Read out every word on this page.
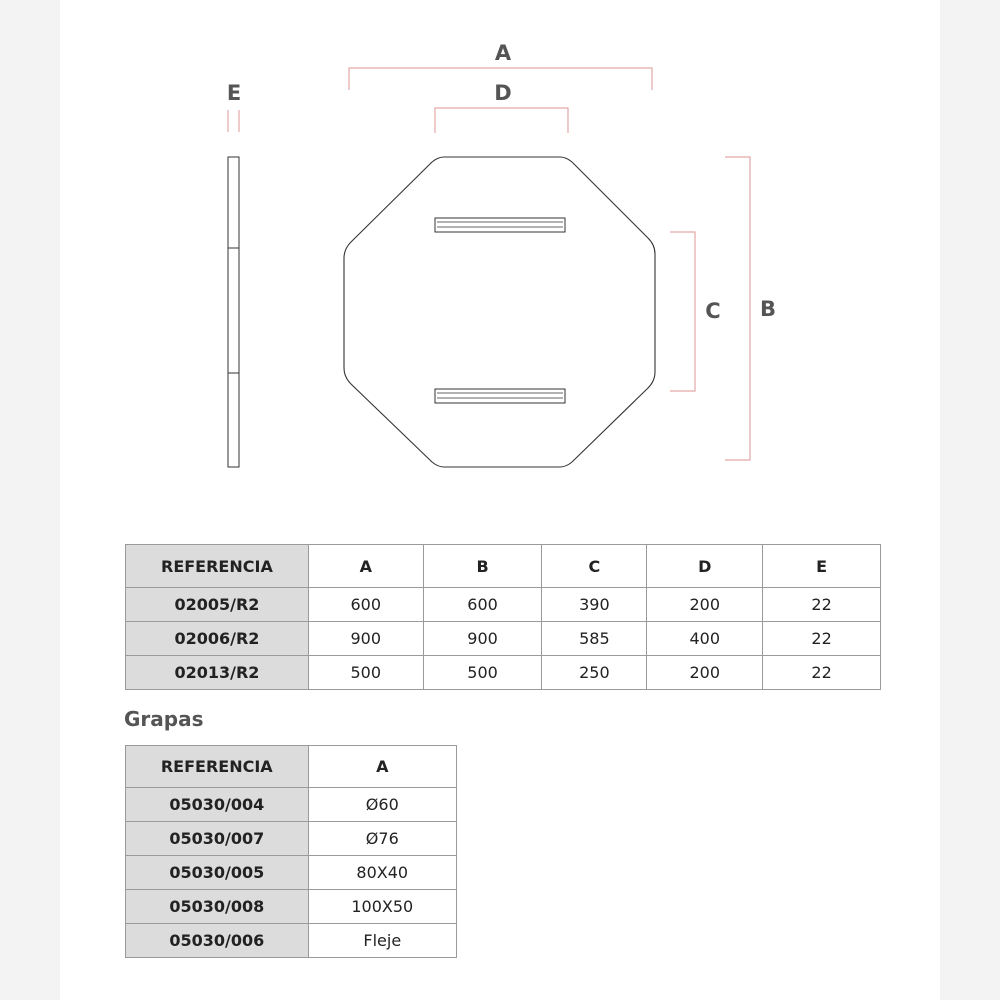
A
D
E
C B
REFERENCIA	A	B	C	D	E
02005/R2	600	600	390	200	22
02006/R2	900	900	585	400	22
02013/R2	500	500	250	200	22
Grapas
REFERENCIA	A
05030/004	Ø60
05030/007	Ø76
05030/005	80X40
05030/008	100X50
05030/006	Fleje
